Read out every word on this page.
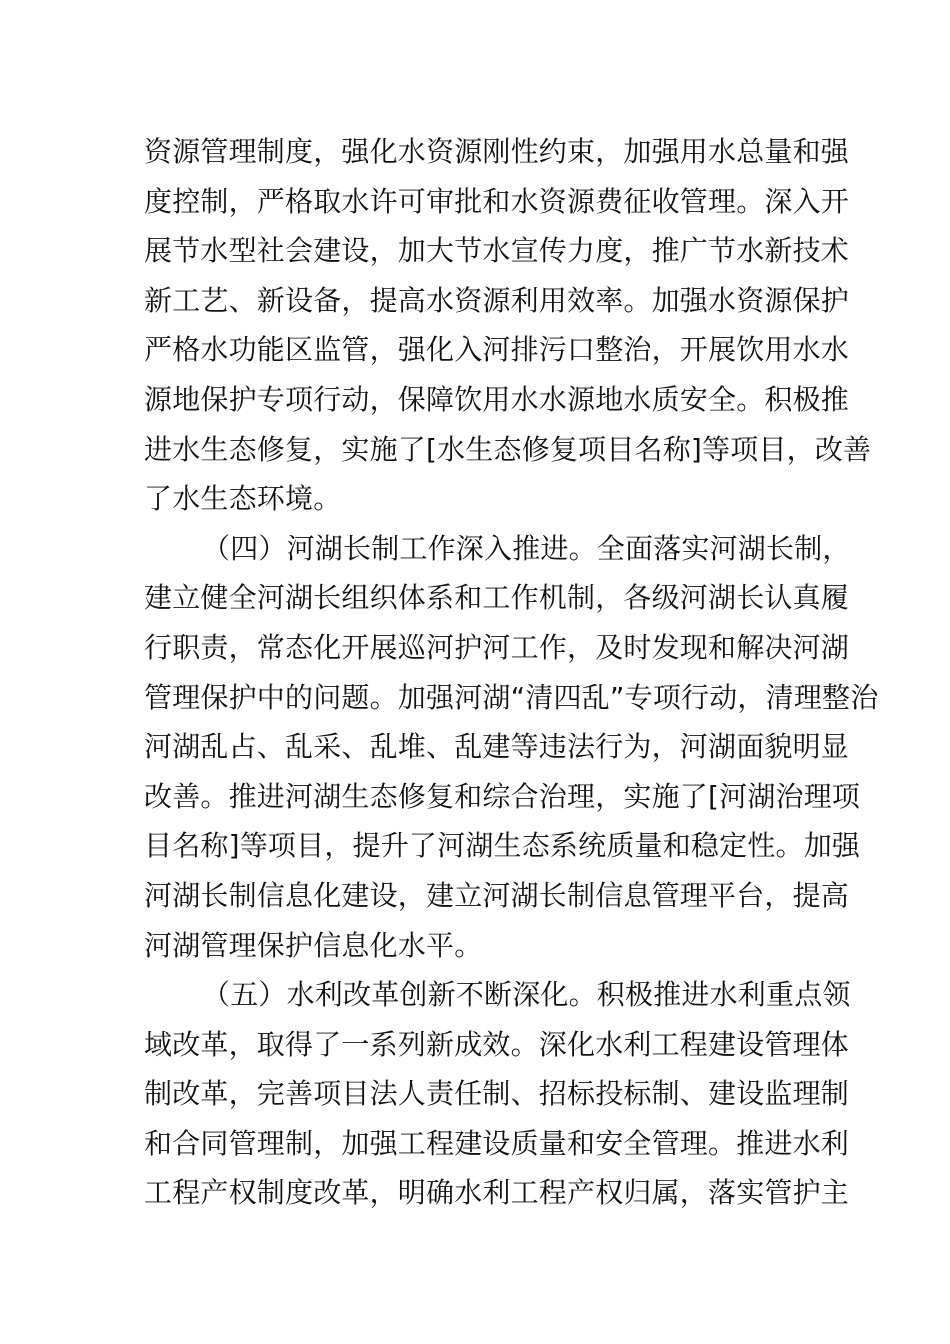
资源管理制度，强化水资源刚性约束，加强用水总量和强
度控制，严格取水许可审批和水资源费征收管理。深入开
展节水型社会建设，加大节水宣传力度，推广节水新技术
新工艺、新设备，提高水资源利用效率。加强水资源保护
严格水功能区监管，强化入河排污口整治，开展饮用水水
源地保护专项行动，保障饮用水水源地水质安全。积极推
进水生态修复，实施了[水生态修复项目名称]等项目，改善
了水生态环境。
（四）河湖长制工作深入推进。全面落实河湖长制，
建立健全河湖长组织体系和工作机制，各级河湖长认真履
行职责，常态化开展巡河护河工作，及时发现和解决河湖
管理保护中的问题。加强河湖“清四乱”专项行动，清理整治
河湖乱占、乱采、乱堆、乱建等违法行为，河湖面貌明显
改善。推进河湖生态修复和综合治理，实施了[河湖治理项
目名称]等项目，提升了河湖生态系统质量和稳定性。加强
河湖长制信息化建设，建立河湖长制信息管理平台，提高
河湖管理保护信息化水平。
（五）水利改革创新不断深化。积极推进水利重点领
域改革，取得了一系列新成效。深化水利工程建设管理体
制改革，完善项目法人责任制、招标投标制、建设监理制
和合同管理制，加强工程建设质量和安全管理。推进水利
工程产权制度改革，明确水利工程产权归属，落实管护主
